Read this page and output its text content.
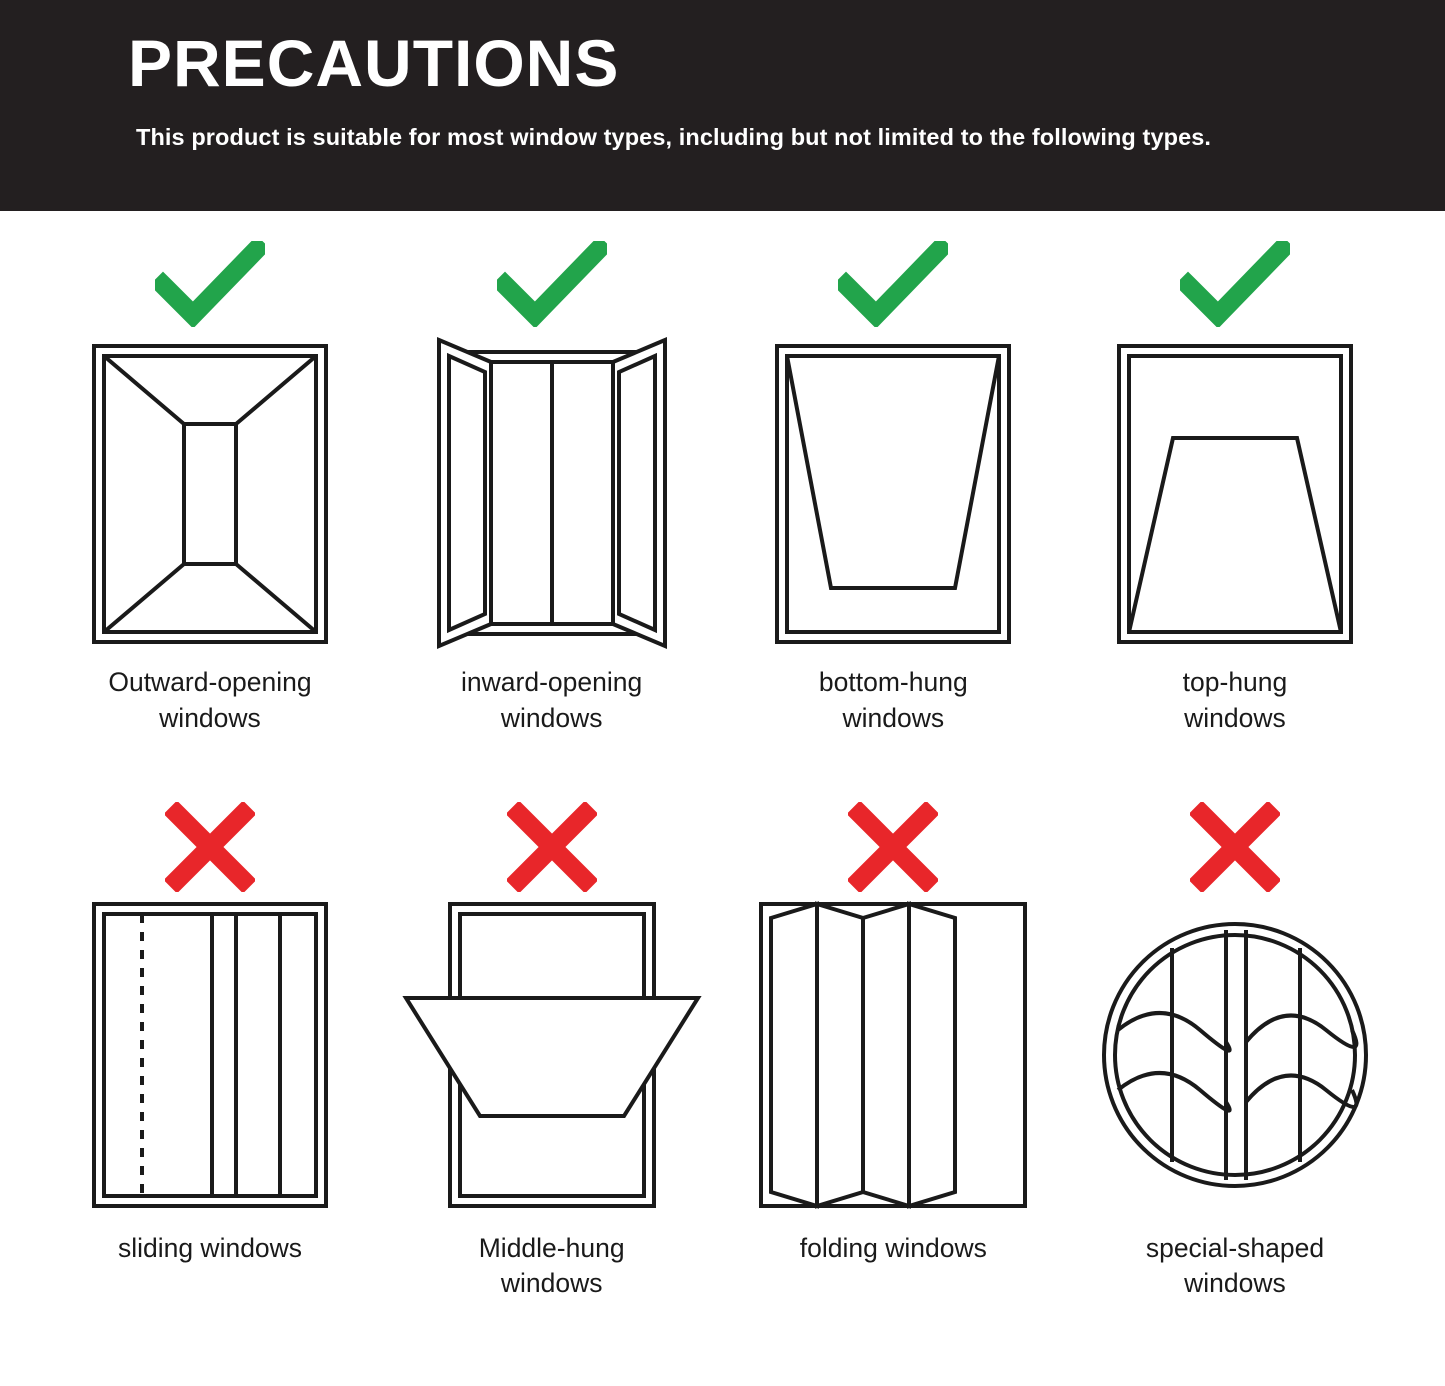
PRECAUTIONS
This product is suitable for most window types, including but not limited to the following types.
Outward-opening
windows
inward-opening
windows
bottom-hung
windows
top-hung
windows
sliding windows	Middle-hung
windows
folding windows	special-shaped
windows
